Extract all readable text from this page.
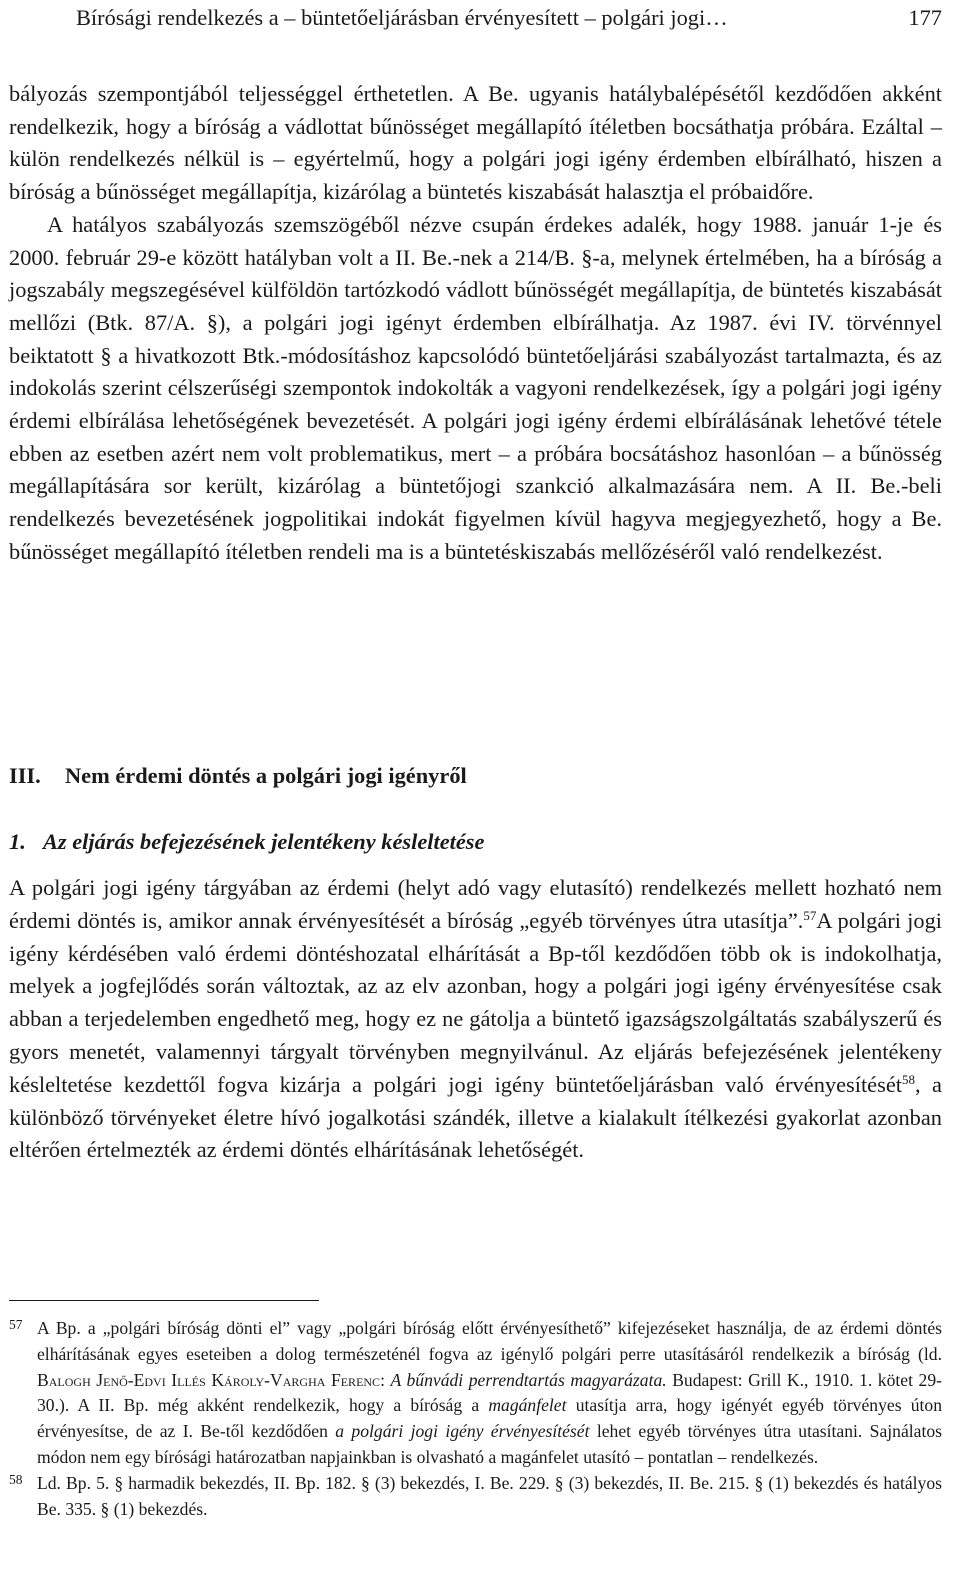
Bírósági rendelkezés a – büntetőeljárásban érvényesített – polgári jogi…	177

bályozás szempontjából teljességgel érthetetlen. A Be. ugyanis hatálybalépésétől kezdődően akként rendelkezik, hogy a bíróság a vádlottat bűnösséget megállapító ítéletben bocsáthatja próbára. Ezáltal – külön rendelkezés nélkül is – egyértelmű, hogy a polgári jogi igény érdemben elbírálható, hiszen a bíróság a bűnösséget megállapítja, kizárólag a büntetés kiszabását halasztja el próbaidőre.

A hatályos szabályozás szemszögéből nézve csupán érdekes adalék, hogy 1988. január 1-je és 2000. február 29-e között hatályban volt a II. Be.-nek a 214/B. §-a, melynek értelmében, ha a bíróság a jogszabály megszegésével külföldön tartózkodó vádlott bűnösségét megállapítja, de büntetés kiszabását mellőzi (Btk. 87/A. §), a polgári jogi igényt érdemben elbírálhatja. Az 1987. évi IV. törvénnyel beiktatott § a hivatkozott Btk.-módosításhoz kapcsolódó büntetőeljárási szabályozást tartalmazta, és az indokolás szerint célszerűségi szempontok indokolták a vagyoni rendelkezések, így a polgári jogi igény érdemi elbírálása lehetőségének bevezetését. A polgári jogi igény érdemi elbírálásának lehetővé tétele ebben az esetben azért nem volt problematikus, mert – a próbára bocsátáshoz hasonlóan – a bűnösség megállapítására sor került, kizárólag a büntetőjogi szankció alkalmazására nem. A II. Be.-beli rendelkezés bevezetésének jogpolitikai indokát figyelmen kívül hagyva megjegyezhető, hogy a Be. bűnösséget megállapító ítéletben rendeli ma is a büntetéskiszabás mellőzéséről való rendelkezést.

III. Nem érdemi döntés a polgári jogi igényről
1. Az eljárás befejezésének jelentékeny késleltetése

A polgári jogi igény tárgyában az érdemi (helyt adó vagy elutasító) rendelkezés mellett hozható nem érdemi döntés is, amikor annak érvényesítését a bíróság „egyéb törvényes útra utasítja”.$^{57}$A polgári jogi igény kérdésében való érdemi döntéshozatal elhárítását a Bp-től kezdődően több ok is indokolhatja, melyek a jogfejlődés során változtak, az az elv azonban, hogy a polgári jogi igény érvényesítése csak abban a terjedelemben engedhető meg, hogy ez ne gátolja a büntető igazságszolgáltatás szabályszerű és gyors menetét, valamennyi tárgyalt törvényben megnyilvánul. Az eljárás befejezésének jelentékeny késleltetése kezdettől fogva kizárja a polgári jogi igény büntetőeljárásban való érvényesítését$^{58}$, a különböző törvényeket életre hívó jogalkotási szándék, illetve a kialakult ítélkezési gyakorlat azonban eltérően értelmezték az érdemi döntés elhárításának lehetőségét.

57 A Bp. a „polgári bíróság dönti el” vagy „polgári bíróság előtt érvényesíthető” kifejezéseket használja, de az érdemi döntés elhárításának egyes eseteiben a dolog természeténél fogva az igénylő polgári perre utasításáról rendelkezik a bíróság (ld. Balogh Jenő-Edvi Illés Károly-Vargha Ferenc: A bűnvádi perrendtartás magyarázata. Budapest: Grill K., 1910. 1. kötet 29-30.). A II. Bp. még akként rendelkezik, hogy a bíróság a magánfelet utasítja arra, hogy igényét egyéb törvényes úton érvényesítse, de az I. Be-től kezdődően a polgári jogi igény érvényesítését lehet egyéb törvényes útra utasítani. Sajnálatos módon nem egy bírósági határozatban napjainkban is olvasható a magánfelet utasító – pontatlan – rendelkezés.
58 Ld. Bp. 5. § harmadik bekezdés, II. Bp. 182. § (3) bekezdés, I. Be. 229. § (3) bekezdés, II. Be. 215. § (1) bekezdés és hatályos Be. 335. § (1) bekezdés.
